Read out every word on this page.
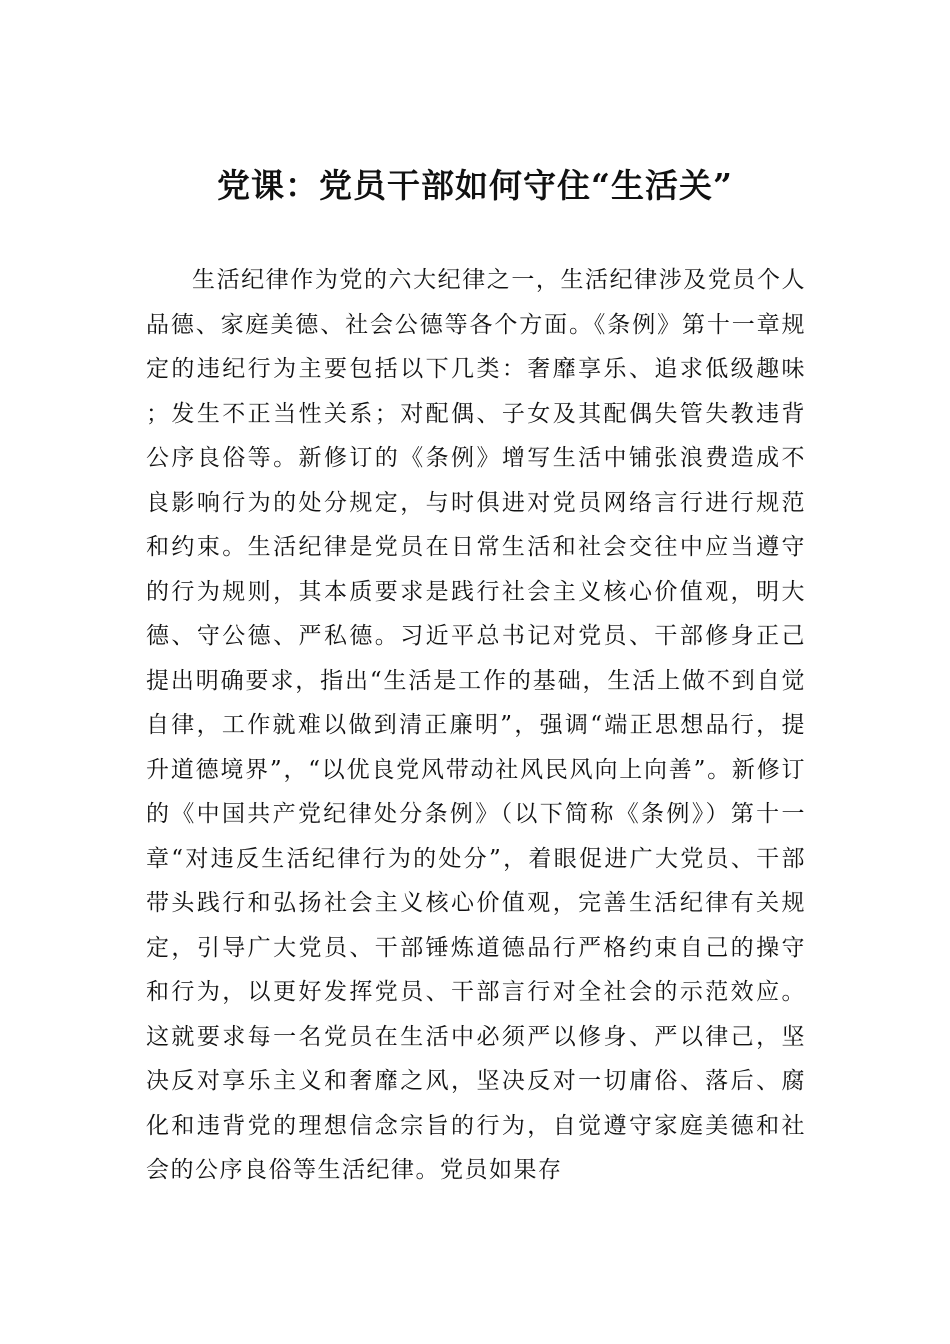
党课：党员干部如何守住“生活关”

生活纪律作为党的六大纪律之一，生活纪律涉及党员个人品德、家庭美德、社会公德等各个方面。《条例》第十一章规定的违纪行为主要包括以下几类：奢靡享乐、追求低级趣味；发生不正当性关系；对配偶、子女及其配偶失管失教违背公序良俗等。新修订的《条例》增写生活中铺张浪费造成不良影响行为的处分规定，与时俱进对党员网络言行进行规范和约束。生活纪律是党员在日常生活和社会交往中应当遵守的行为规则，其本质要求是践行社会主义核心价值观，明大德、守公德、严私德。习近平总书记对党员、干部修身正己提出明确要求，指出“生活是工作的基础，生活上做不到自觉自律，工作就难以做到清正廉明”，强调“端正思想品行，提升道德境界”，“以优良党风带动社风民风向上向善”。新修订的《中国共产党纪律处分条例》（以下简称《条例》）第十一章“对违反生活纪律行为的处分”，着眼促进广大党员、干部带头践行和弘扬社会主义核心价值观，完善生活纪律有关规定，引导广大党员、干部锤炼道德品行严格约束自己的操守和行为，以更好发挥党员、干部言行对全社会的示范效应。这就要求每一名党员在生活中必须严以修身、严以律己，坚决反对享乐主义和奢靡之风，坚决反对一切庸俗、落后、腐化和违背党的理想信念宗旨的行为，自觉遵守家庭美德和社会的公序良俗等生活纪律。党员如果存
